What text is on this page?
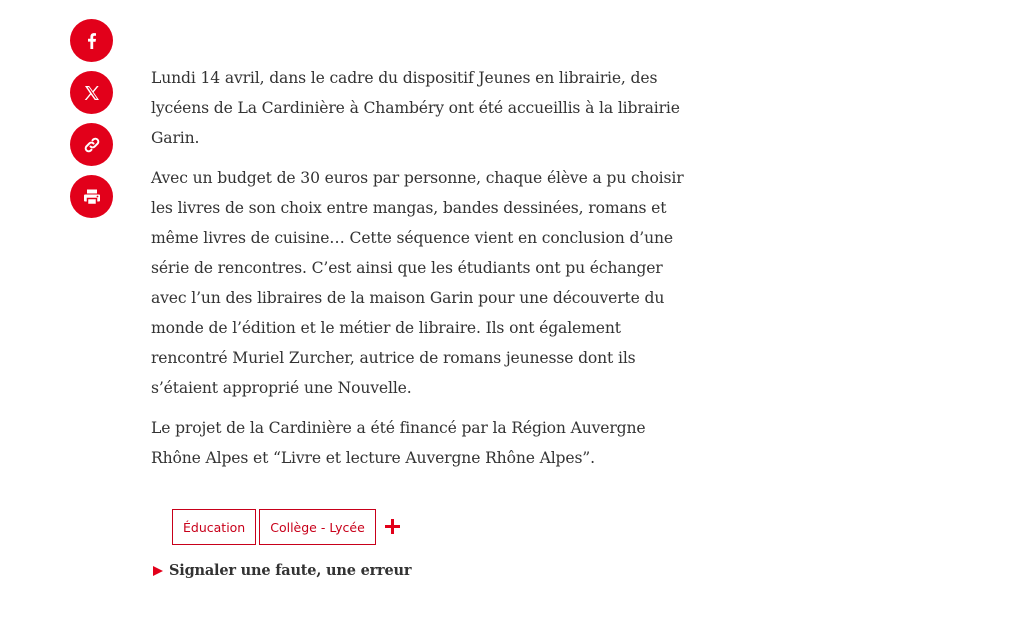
Lundi 14 avril, dans le cadre du dispositif Jeunes en librairie, des lycéens de La Cardinière à Chambéry ont été accueillis à la librairie Garin.

Avec un budget de 30 euros par personne, chaque élève a pu choisir les livres de son choix entre mangas, bandes dessinées, romans et même livres de cuisine… Cette séquence vient en conclusion d’une série de rencontres. C’est ainsi que les étudiants ont pu échanger avec l’un des libraires de la maison Garin pour une découverte du monde de l’édition et le métier de libraire. Ils ont également rencontré Muriel Zurcher, autrice de romans jeunesse dont ils s’étaient approprié une Nouvelle.

Le projet de la Cardinière a été financé par la Région Auvergne Rhône Alpes et “Livre et lecture Auvergne Rhône Alpes”.

Éducation	Collège - Lycée
Signaler une faute, une erreur
